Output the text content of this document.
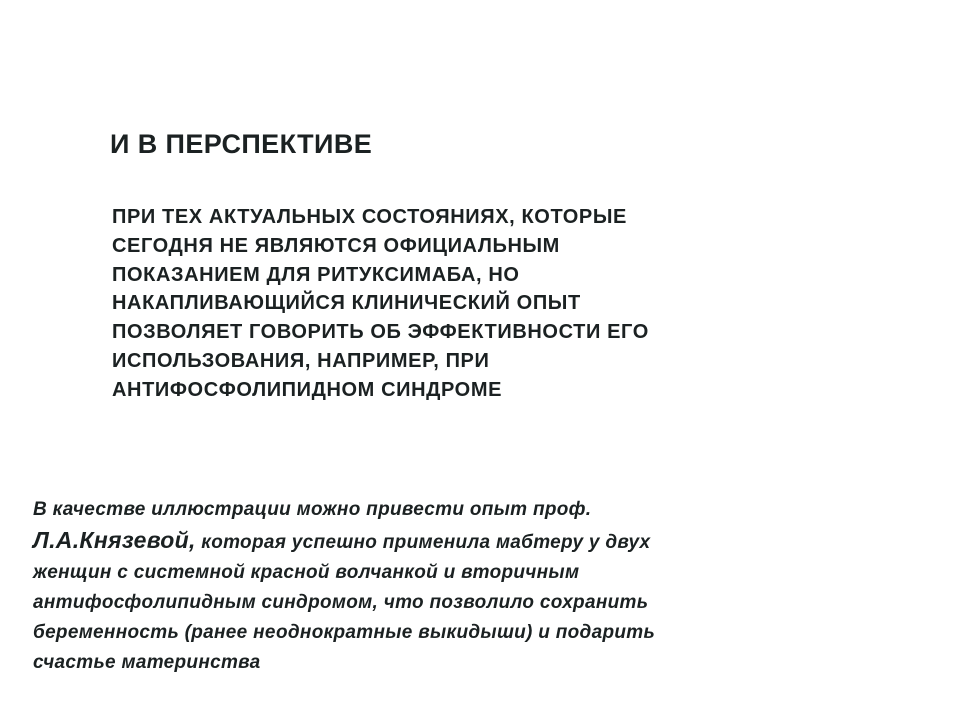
И В ПЕРСПЕКТИВЕ
ПРИ ТЕХ АКТУАЛЬНЫХ СОСТОЯНИЯХ, КОТОРЫЕ
СЕГОДНЯ НЕ ЯВЛЯЮТСЯ ОФИЦИАЛЬНЫМ
ПОКАЗАНИЕМ ДЛЯ РИТУКСИМАБА, НО
НАКАПЛИВАЮЩИЙСЯ КЛИНИЧЕСКИЙ ОПЫТ
ПОЗВОЛЯЕТ ГОВОРИТЬ ОБ ЭФФЕКТИВНОСТИ ЕГО
ИСПОЛЬЗОВАНИЯ, НАПРИМЕР, ПРИ
АНТИФОСФОЛИПИДНОМ СИНДРОМЕ
В качестве иллюстрации можно привести опыт проф.
Л.А.Князевой, которая успешно применила мабтеру у двух
женщин с системной красной волчанкой и вторичным
антифосфолипидным синдромом, что позволило сохранить
беременность (ранее неоднократные выкидыши) и подарить
счастье материнства
